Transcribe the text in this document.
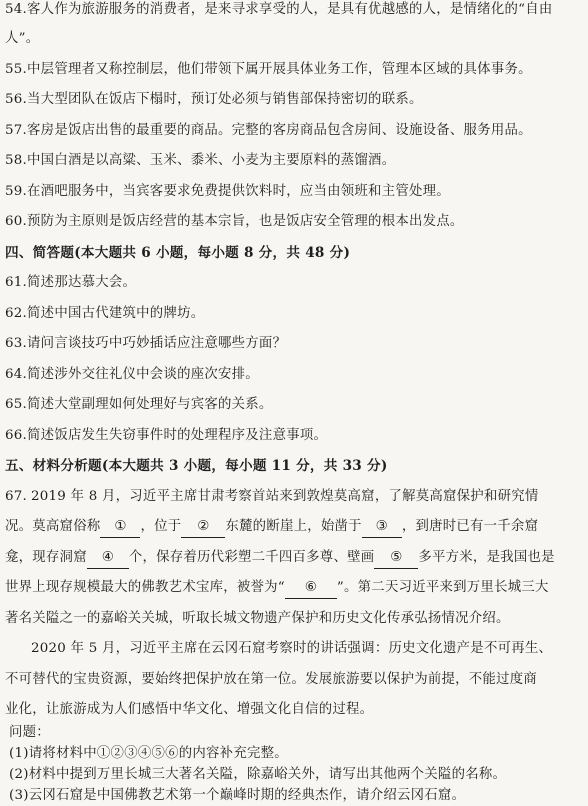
54.客人作为旅游服务的消费者，是来寻求享受的人，是具有优越感的人，是情绪化的“自由
人”。
55.中层管理者又称控制层，他们带领下属开展具体业务工作，管理本区域的具体事务。
56.当大型团队在饭店下榻时，预订处必须与销售部保持密切的联系。
57.客房是饭店出售的最重要的商品。完整的客房商品包含房间、设施设备、服务用品。
58.中国白酒是以高粱、玉米、黍米、小麦为主要原料的蒸馏酒。
59.在酒吧服务中，当宾客要求免费提供饮料时，应当由领班和主管处理。
60.预防为主原则是饭店经营的基本宗旨，也是饭店安全管理的根本出发点。
四、简答题(本大题共 6 小题，每小题 8 分，共 48 分)
61.简述那达慕大会。
62.简述中国古代建筑中的牌坊。
63.请问言谈技巧中巧妙插话应注意哪些方面？
64.简述涉外交往礼仪中会谈的座次安排。
65.简述大堂副理如何处理好与宾客的关系。
66.简述饭店发生失窃事件时的处理程序及注意事项。
五、材料分析题(本大题共 3 小题，每小题 11 分，共 33 分)
67. 2019 年 8 月，习近平主席甘肃考察首站来到敦煌莫高窟，了解莫高窟保护和研究情
况。莫高窟俗称 ① ，位于 ② 东麓的断崖上，始凿于 ③ ，到唐时已有一千余窟
龛，现存洞窟 ④ 个，保存着历代彩塑二千四百多尊、壁画 ⑤ 多平方米，是我国也是
世界上现存规模最大的佛教艺术宝库，被誉为“ ⑥ ”。第二天习近平来到万里长城三大
著名关隘之一的嘉峪关关城，听取长城文物遗产保护和历史文化传承弘扬情况介绍。
2020 年 5 月，习近平主席在云冈石窟考察时的讲话强调：历史文化遗产是不可再生、
不可替代的宝贵资源，要始终把保护放在第一位。发展旅游要以保护为前提，不能过度商
业化，让旅游成为人们感悟中华文化、增强文化自信的过程。
问题：
(1)请将材料中①②③④⑤⑥的内容补充完整。
(2)材料中提到万里长城三大著名关隘，除嘉峪关外，请写出其他两个关隘的名称。
(3)云冈石窟是中国佛教艺术第一个巅峰时期的经典杰作，请介绍云冈石窟。
